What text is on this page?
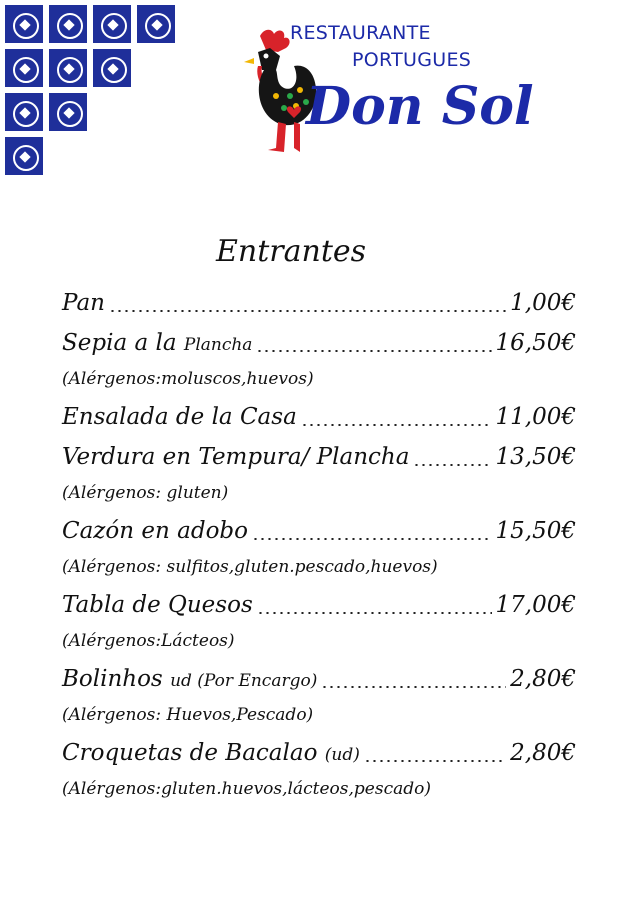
RESTAURANTE
PORTUGUES
Don Sol
Entrantes
Pan	1,00€
Sepia a la Plancha	16,50€
(Alérgenos:moluscos,huevos)
Ensalada de la Casa	11,00€
Verdura en Tempura/ Plancha	13,50€
(Alérgenos: gluten)
Cazón en adobo	15,50€
(Alérgenos: sulfitos,gluten.pescado,huevos)
Tabla de Quesos	17,00€
(Alérgenos:Lácteos)
Bolinhos ud (Por Encargo)	2,80€
(Alérgenos: Huevos,Pescado)
Croquetas de Bacalao (ud)	2,80€
(Alérgenos:gluten.huevos,lácteos,pescado)
